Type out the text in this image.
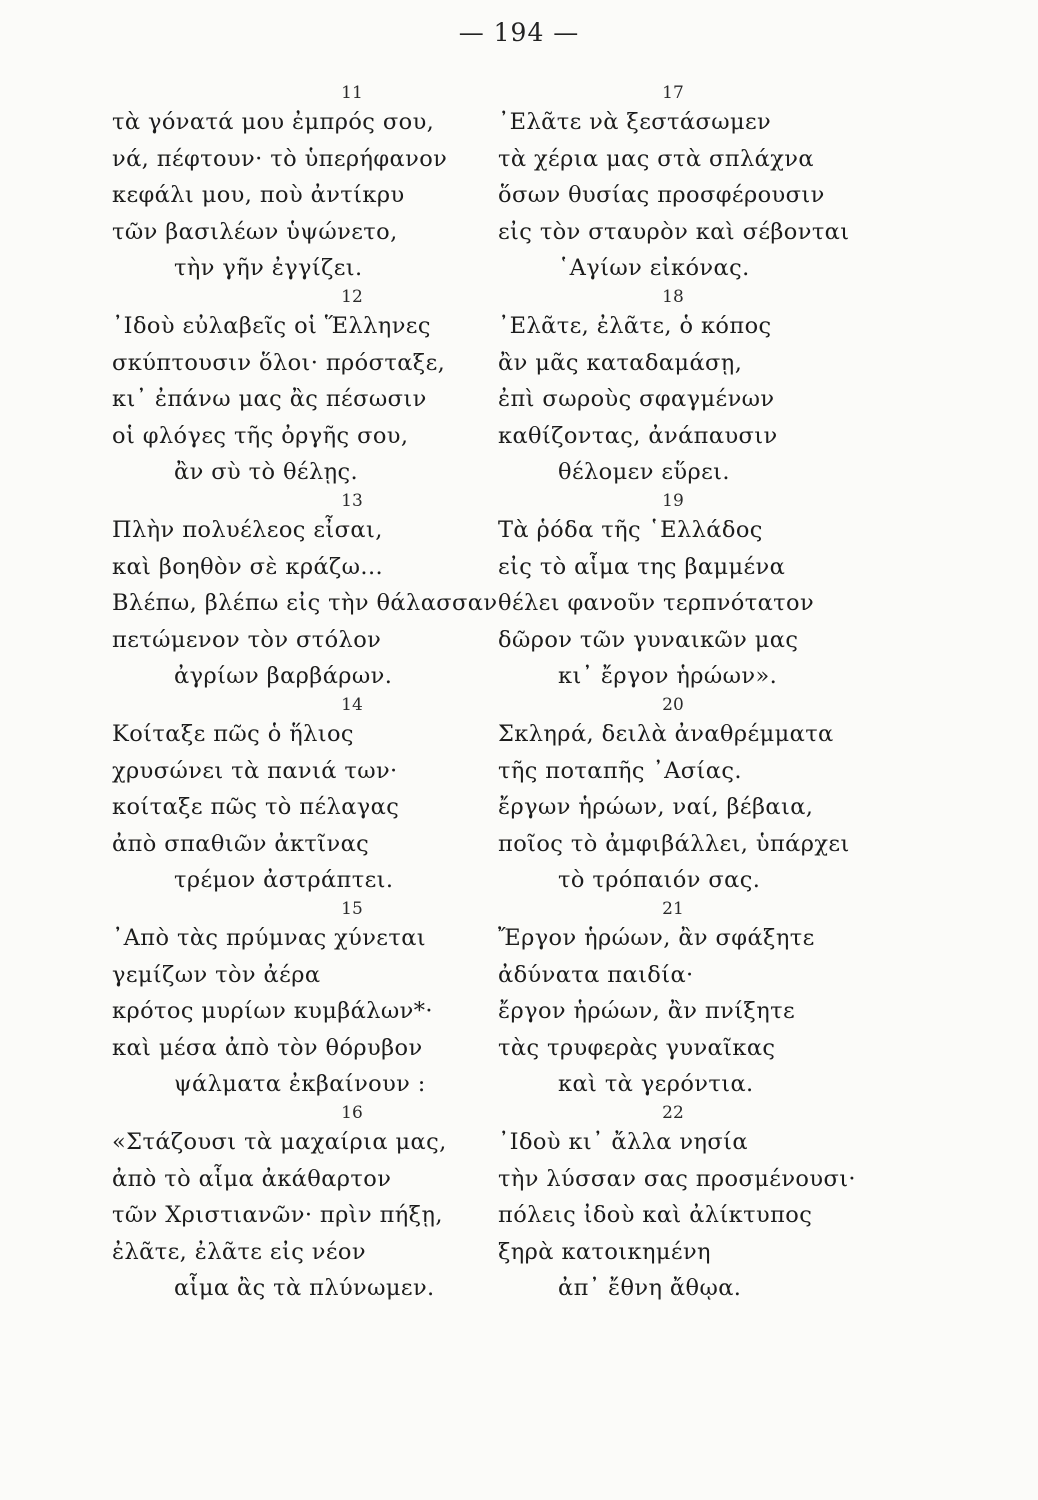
— 194 —
11
τὰ γόνατά μου ἐμπρός σου,
νά, πέφτουν· τὸ ὑπερήφανον
κεφάλι μου, ποὺ ἀντίκρυ
τῶν βασιλέων ὑψώνετο,
τὴν γῆν ἐγγίζει.
12
᾿Ιδοὺ εὐλαβεῖς οἱ Ἕλληνες
σκύπτουσιν ὅλοι· πρόσταξε,
κι᾿ ἐπάνω μας ἂς πέσωσιν
οἱ φλόγες τῆς ὀργῆς σου,
ἂν σὺ τὸ θέλῃς.
13
Πλὴν πολυέλεος εἶσαι,
καὶ βοηθὸν σὲ κράζω...
Βλέπω, βλέπω εἰς τὴν θάλασσαν
πετώμενον τὸν στόλον
ἀγρίων βαρβάρων.
14
Κοίταξε πῶς ὁ ἥλιος
χρυσώνει τὰ πανιά των·
κοίταξε πῶς τὸ πέλαγας
ἀπὸ σπαθιῶν ἀκτῖνας
τρέμον ἀστράπτει.
15
᾿Απὸ τὰς πρύμνας χύνεται
γεμίζων τὸν ἀέρα
κρότος μυρίων κυμβάλων*·
καὶ μέσα ἀπὸ τὸν θόρυβον
ψάλματα ἐκβαίνουν :
16
«Στάζουσι τὰ μαχαίρια μας,
ἀπὸ τὸ αἷμα ἀκάθαρτον
τῶν Χριστιανῶν· πρὶν πήξῃ,
ἐλᾶτε, ἐλᾶτε εἰς νέον
αἷμα ἂς τὰ πλύνωμεν.
17
᾿Ελᾶτε νὰ ξεστάσωμεν
τὰ χέρια μας στὰ σπλάχνα
ὅσων θυσίας προσφέρουσιν
εἰς τὸν σταυρὸν καὶ σέβονται
῾Αγίων εἰκόνας.
18
᾿Ελᾶτε, ἐλᾶτε, ὁ κόπος
ἂν μᾶς καταδαμάσῃ,
ἐπὶ σωροὺς σφαγμένων
καθίζοντας, ἀνάπαυσιν
θέλομεν εὕρει.
19
Τὰ ῥόδα τῆς ῾Ελλάδος
εἰς τὸ αἷμα της βαμμένα
θέλει φανοῦν τερπνότατον
δῶρον τῶν γυναικῶν μας
κι᾿ ἔργον ἡρώων».
20
Σκληρά, δειλὰ ἀναθρέμματα
τῆς ποταπῆς ᾿Ασίας.
ἔργων ἡρώων, ναί, βέβαια,
ποῖος τὸ ἀμφιβάλλει, ὑπάρχει
τὸ τρόπαιόν σας.
21
Ἔργον ἡρώων, ἂν σφάξητε
ἀδύνατα παιδία·
ἔργον ἡρώων, ἂν πνίξητε
τὰς τρυφερὰς γυναῖκας
καὶ τὰ γερόντια.
22
᾿Ιδοὺ κι᾿ ἄλλα νησία
τὴν λύσσαν σας προσμένουσι·
πόλεις ἰδοὺ καὶ ἀλίκτυπος
ξηρὰ κατοικημένη
ἀπ᾿ ἔθνη ἄθῳα.
